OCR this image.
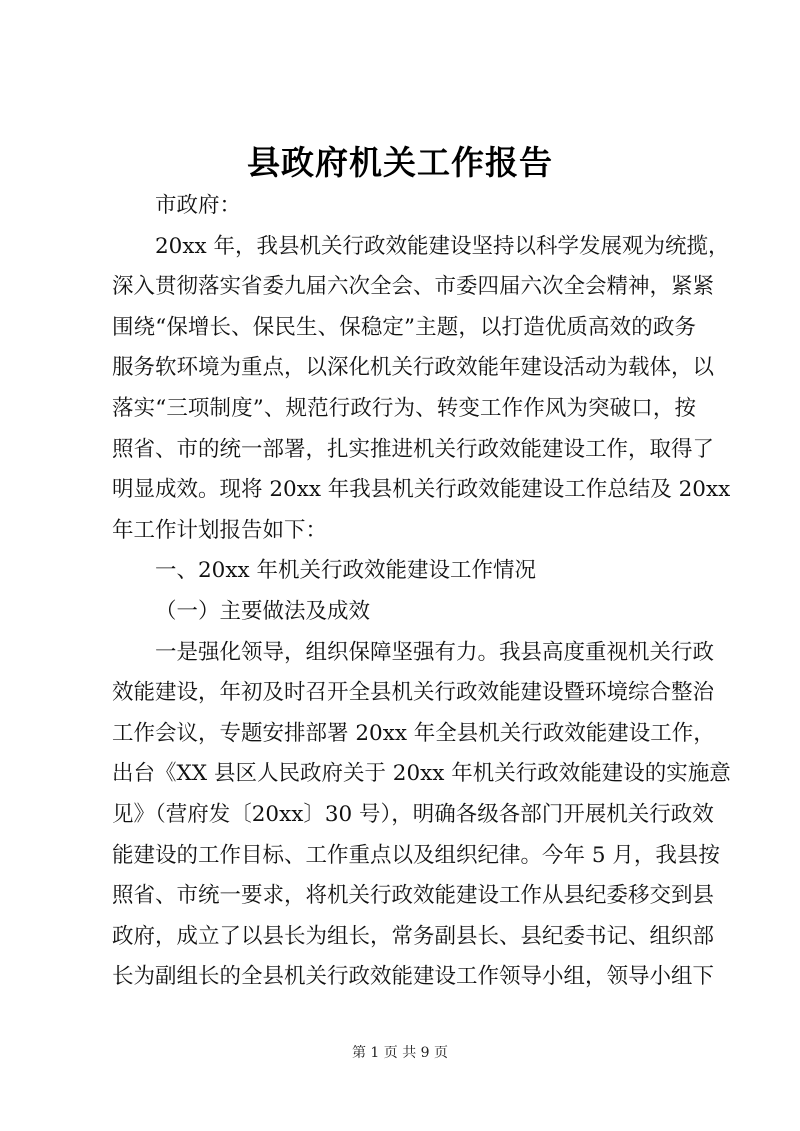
县政府机关工作报告
市政府：
20xx 年，我县机关行政效能建设坚持以科学发展观为统揽，
深入贯彻落实省委九届六次全会、市委四届六次全会精神，紧紧
围绕“保增长、保民生、保稳定”主题，以打造优质高效的政务
服务软环境为重点，以深化机关行政效能年建设活动为载体，以
落实“三项制度”、规范行政行为、转变工作作风为突破口，按
照省、市的统一部署，扎实推进机关行政效能建设工作，取得了
明显成效。现将 20xx 年我县机关行政效能建设工作总结及 20xx
年工作计划报告如下：
一、20xx 年机关行政效能建设工作情况
（一）主要做法及成效
一是强化领导，组织保障坚强有力。我县高度重视机关行政
效能建设，年初及时召开全县机关行政效能建设暨环境综合整治
工作会议，专题安排部署 20xx 年全县机关行政效能建设工作，
出台《XX 县区人民政府关于 20xx 年机关行政效能建设的实施意
见》（营府发〔20xx〕30 号），明确各级各部门开展机关行政效
能建设的工作目标、工作重点以及组织纪律。今年 5 月，我县按
照省、市统一要求，将机关行政效能建设工作从县纪委移交到县
政府，成立了以县长为组长，常务副县长、县纪委书记、组织部
长为副组长的全县机关行政效能建设工作领导小组，领导小组下
第 1 页 共 9 页
